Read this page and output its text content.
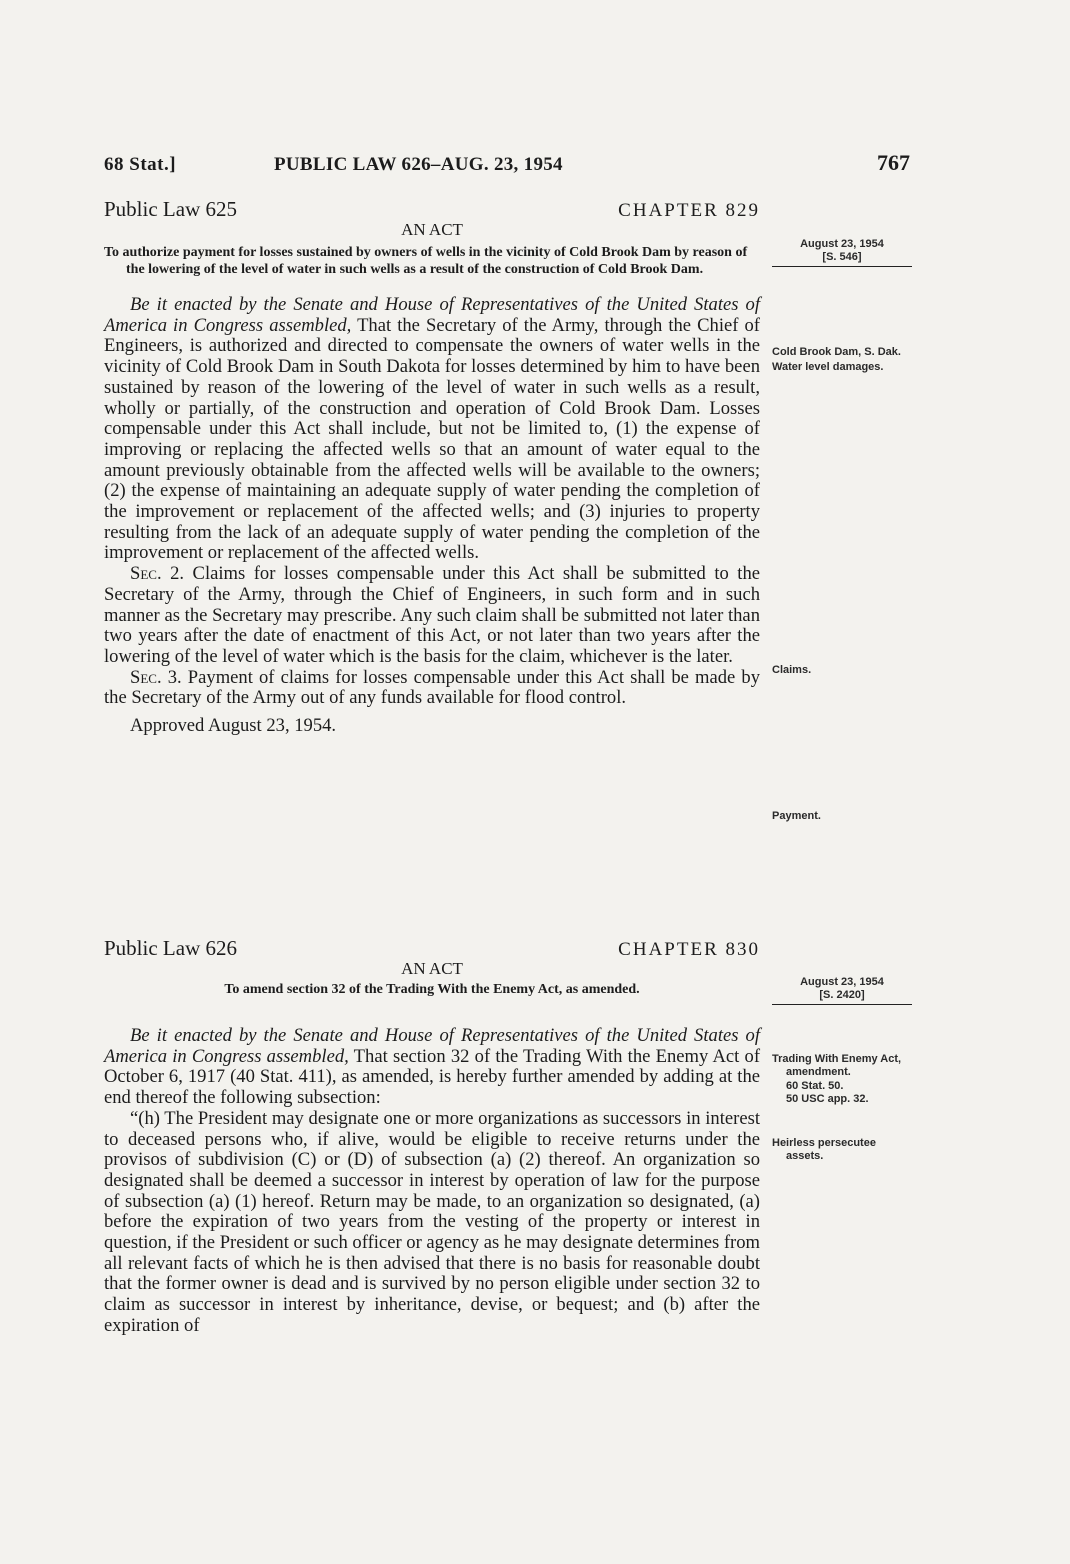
68 Stat.]	PUBLIC LAW 626–AUG. 23, 1954	767
Public Law 625	CHAPTER 829
AN ACT
To authorize payment for losses sustained by owners of wells in the vicinity of Cold Brook Dam by reason of the lowering of the level of water in such wells as a result of the construction of Cold Brook Dam.

Be it enacted by the Senate and House of Representatives of the United States of America in Congress assembled, That the Secretary of the Army, through the Chief of Engineers, is authorized and directed to compensate the owners of water wells in the vicinity of Cold Brook Dam in South Dakota for losses determined by him to have been sustained by reason of the lowering of the level of water in such wells as a result, wholly or partially, of the construction and operation of Cold Brook Dam. Losses compensable under this Act shall include, but not be limited to, (1) the expense of improving or replacing the affected wells so that an amount of water equal to the amount previously obtainable from the affected wells will be available to the owners; (2) the expense of maintaining an adequate supply of water pending the completion of the improvement or replacement of the affected wells; and (3) injuries to property resulting from the lack of an adequate supply of water pending the completion of the improvement or replacement of the affected wells.

Sec. 2. Claims for losses compensable under this Act shall be submitted to the Secretary of the Army, through the Chief of Engineers, in such form and in such manner as the Secretary may prescribe. Any such claim shall be submitted not later than two years after the date of enactment of this Act, or not later than two years after the lowering of the level of water which is the basis for the claim, whichever is the later.

Sec. 3. Payment of claims for losses compensable under this Act shall be made by the Secretary of the Army out of any funds available for flood control.

Approved August 23, 1954.
August 23, 1954
[S. 546]
Cold Brook Dam, S. Dak.
Water level damages.
Claims.
Payment.
Public Law 626	CHAPTER 830
AN ACT
To amend section 32 of the Trading With the Enemy Act, as amended.

Be it enacted by the Senate and House of Representatives of the United States of America in Congress assembled, That section 32 of the Trading With the Enemy Act of October 6, 1917 (40 Stat. 411), as amended, is hereby further amended by adding at the end thereof the following subsection:

“(h) The President may designate one or more organizations as successors in interest to deceased persons who, if alive, would be eligible to receive returns under the provisos of subdivision (C) or (D) of subsection (a) (2) thereof. An organization so designated shall be deemed a successor in interest by operation of law for the purpose of subsection (a) (1) hereof. Return may be made, to an organization so designated, (a) before the expiration of two years from the vesting of the property or interest in question, if the President or such officer or agency as he may designate determines from all relevant facts of which he is then advised that there is no basis for reasonable doubt that the former owner is dead and is survived by no person eligible under section 32 to claim as successor in interest by inheritance, devise, or bequest; and (b) after the expiration of

August 23, 1954
[S. 2420]
Trading With Enemy Act, amendment.
60 Stat. 50.
50 USC app. 32.
Heirless persecutee assets.
